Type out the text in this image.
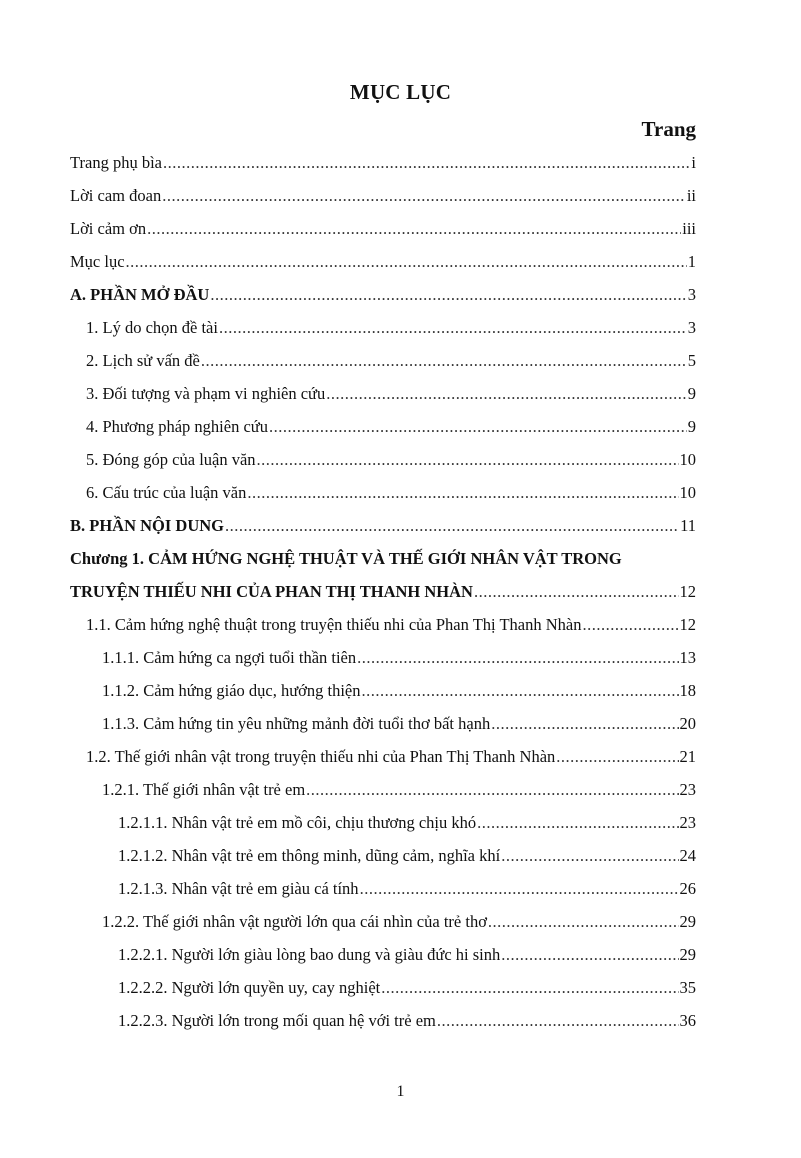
MỤC LỤC
Trang
Trang phụ bìa .....	i
Lời cam đoan .....	ii
Lời cảm ơn .....	iii
Mục lục .....	1
A. PHẦN MỞ ĐẦU .....	3
1. Lý do chọn đề tài .....	3
2. Lịch sử vấn đề .....	5
3. Đối tượng và phạm vi nghiên cứu .....	9
4. Phương pháp nghiên cứu .....	9
5. Đóng góp của luận văn .....	10
6. Cấu trúc của luận văn .....	10
B. PHẦN NỘI DUNG .....	11
Chương 1. CẢM HỨNG NGHỆ THUẬT VÀ THẾ GIỚI NHÂN VẬT TRONG
TRUYỆN THIẾU NHI CỦA PHAN THỊ THANH NHÀN .....	12
1.1. Cảm hứng nghệ thuật trong truyện thiếu nhi của Phan Thị Thanh Nhàn .....	12
1.1.1. Cảm hứng ca ngợi tuổi thần tiên .....	13
1.1.2. Cảm hứng giáo dục, hướng thiện .....	18
1.1.3. Cảm hứng tin yêu những mảnh đời tuổi thơ bất hạnh .....	20
1.2. Thế giới nhân vật trong truyện thiếu nhi của Phan Thị Thanh Nhàn .....	21
1.2.1. Thế giới nhân vật trẻ em .....	23
1.2.1.1. Nhân vật trẻ em mồ côi, chịu thương chịu khó .....	23
1.2.1.2. Nhân vật trẻ em thông minh, dũng cảm, nghĩa khí .....	24
1.2.1.3. Nhân vật trẻ em giàu cá tính .....	26
1.2.2. Thế giới nhân vật người lớn qua cái nhìn của trẻ thơ .....	29
1.2.2.1. Người lớn giàu lòng bao dung và giàu đức hi sinh .....	29
1.2.2.2. Người lớn quyền uy, cay nghiệt .....	35
1.2.2.3. Người lớn trong mối quan hệ với trẻ em .....	36
1
